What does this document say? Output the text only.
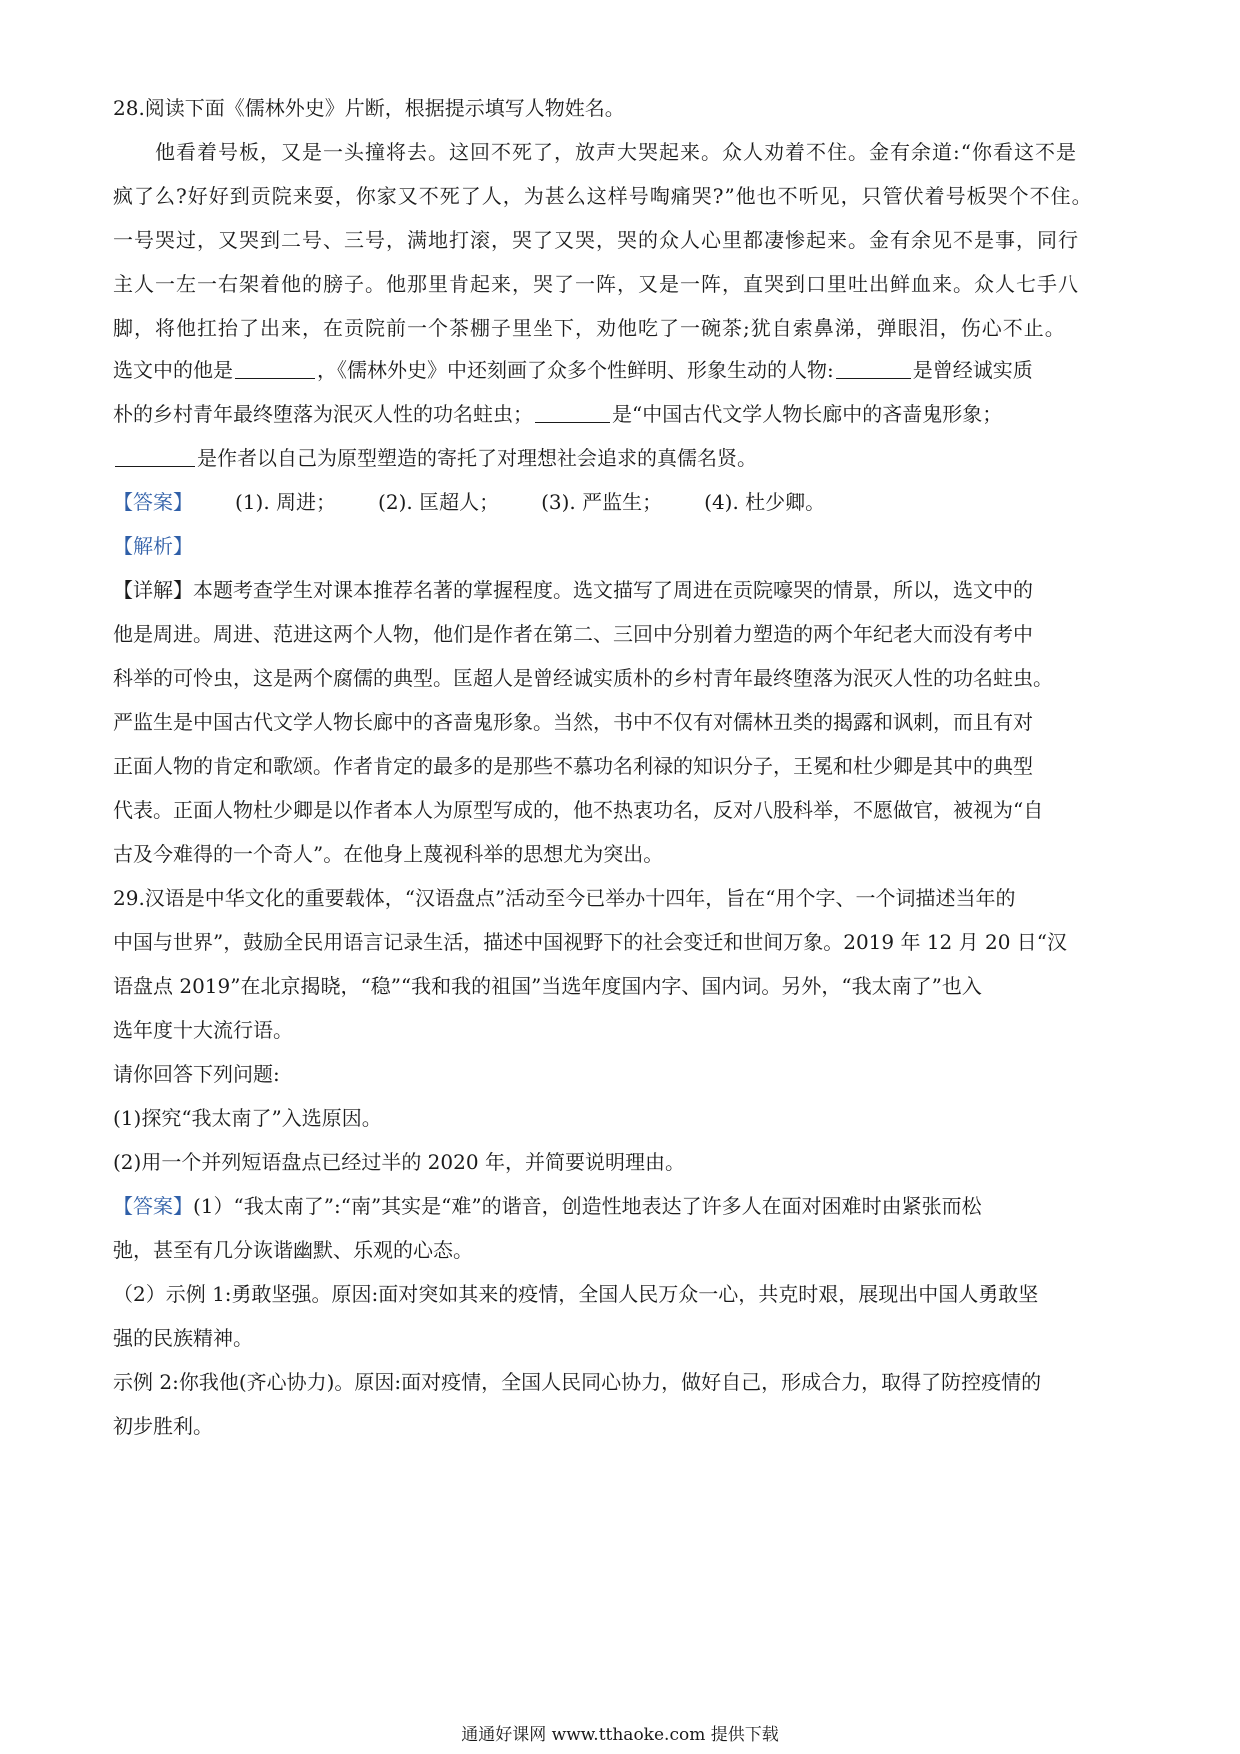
28.阅读下面《儒林外史》片断，根据提示填写人物姓名。
他看着号板，又是一头撞将去。这回不死了，放声大哭起来。众人劝着不住。金有余道:“你看这不是
疯了么?好好到贡院来耍，你家又不死了人，为甚么这样号啕痛哭?”他也不听见，只管伏着号板哭个不住。
一号哭过，又哭到二号、三号，满地打滚，哭了又哭，哭的众人心里都凄惨起来。金有余见不是事，同行
主人一左一右架着他的膀子。他那里肯起来，哭了一阵，又是一阵，直哭到口里吐出鲜血来。众人七手八
脚，将他扛抬了出来，在贡院前一个茶棚子里坐下，劝他吃了一碗茶;犹自索鼻涕，弹眼泪，伤心不止。
选文中的他是	，《儒林外史》中还刻画了众多个性鲜明、形象生动的人物:	是曾经诚实质
朴的乡村青年最终堕落为泯灭人性的功名蛀虫；	是“中国古代文学人物长廊中的吝啬鬼形象；
是作者以自己为原型塑造的寄托了对理想社会追求的真儒名贤。
【答案】 (1). 周进； (2). 匡超人； (3). 严监生； (4). 杜少卿。
【解析】
【详解】本题考查学生对课本推荐名著的掌握程度。选文描写了周进在贡院嚎哭的情景，所以，选文中的
他是周进。周进、范进这两个人物，他们是作者在第二、三回中分别着力塑造的两个年纪老大而没有考中
科举的可怜虫，这是两个腐儒的典型。匡超人是曾经诚实质朴的乡村青年最终堕落为泯灭人性的功名蛀虫。
严监生是中国古代文学人物长廊中的吝啬鬼形象。当然，书中不仅有对儒林丑类的揭露和讽刺，而且有对
正面人物的肯定和歌颂。作者肯定的最多的是那些不慕功名利禄的知识分子，王冕和杜少卿是其中的典型
代表。正面人物杜少卿是以作者本人为原型写成的，他不热衷功名，反对八股科举，不愿做官，被视为“自
古及今难得的一个奇人”。在他身上蔑视科举的思想尤为突出。
29.汉语是中华文化的重要载体，“汉语盘点”活动至今已举办十四年，旨在“用个字、一个词描述当年的
中国与世界”，鼓励全民用语言记录生活，描述中国视野下的社会变迁和世间万象。2019 年 12 月 20 日“汉
语盘点 2019”在北京揭晓，“稳”“我和我的祖国”当选年度国内字、国内词。另外，“我太南了”也入
选年度十大流行语。
请你回答下列问题:
(1)探究“我太南了”入选原因。
(2)用一个并列短语盘点已经过半的 2020 年，并简要说明理由。
【答案】(1）“我太南了”:“南”其实是“难”的谐音，创造性地表达了许多人在面对困难时由紧张而松
弛，甚至有几分诙谐幽默、乐观的心态。
（2）示例 1:勇敢坚强。原因:面对突如其来的疫情，全国人民万众一心，共克时艰，展现出中国人勇敢坚
强的民族精神。
示例 2:你我他(齐心协力)。原因:面对疫情，全国人民同心协力，做好自己，形成合力，取得了防控疫情的
初步胜利。
通通好课网 www.tthaoke.com 提供下载
